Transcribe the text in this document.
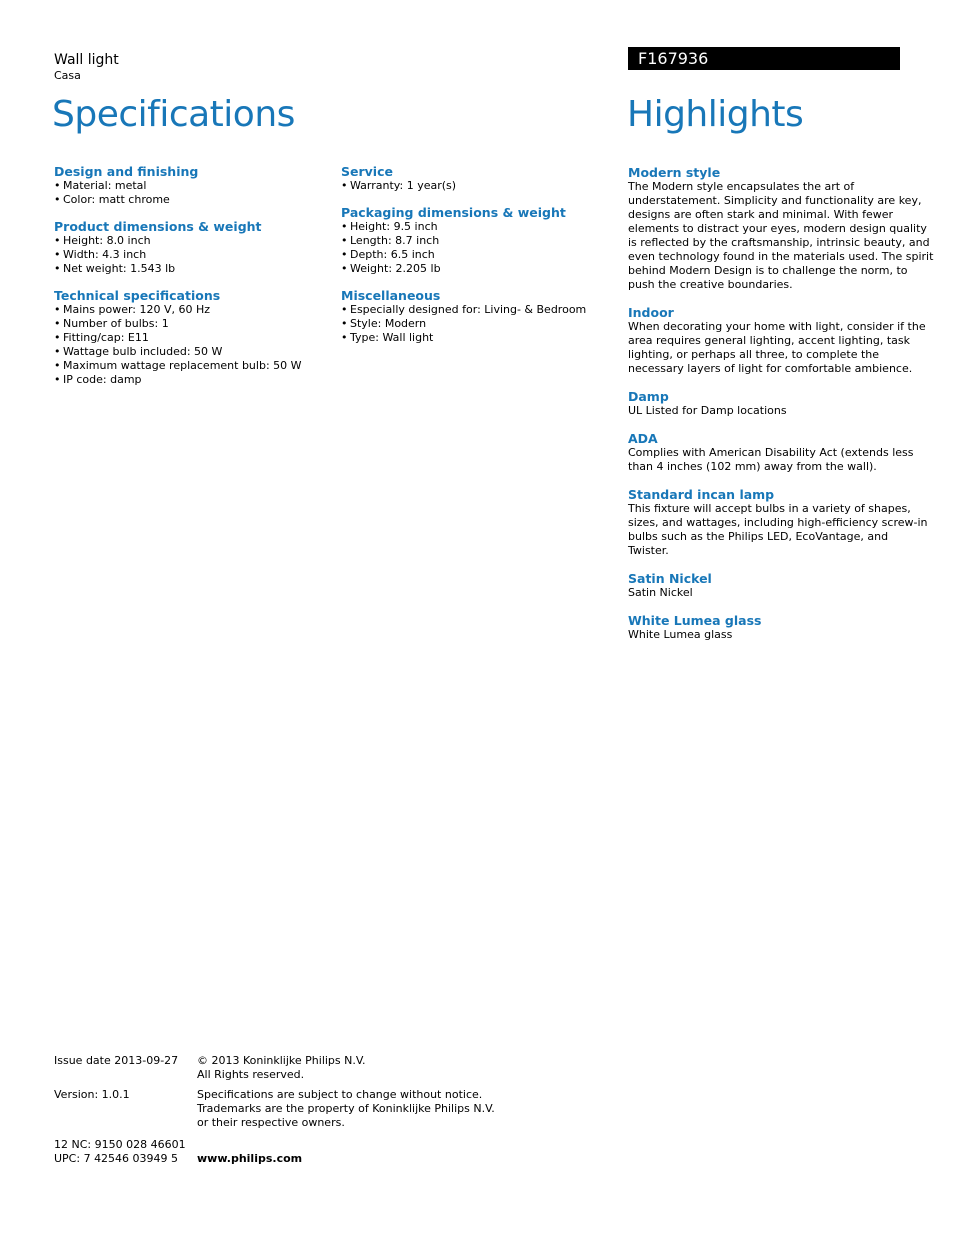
Wall light
Casa
F167936
Specifications	Highlights
Design and finishing
• Material: metal
• Color: matt chrome
Product dimensions & weight
• Height: 8.0 inch
• Width: 4.3 inch
• Net weight: 1.543 lb
Technical specifications
• Mains power: 120 V, 60 Hz
• Number of bulbs: 1
• Fitting/cap: E11
• Wattage bulb included: 50 W
• Maximum wattage replacement bulb: 50 W
• IP code: damp
Service
• Warranty: 1 year(s)
Packaging dimensions & weight
• Height: 9.5 inch
• Length: 8.7 inch
• Depth: 6.5 inch
• Weight: 2.205 lb
Miscellaneous
• Especially designed for: Living- & Bedroom
• Style: Modern
• Type: Wall light
Modern style
The Modern style encapsulates the art of
understatement. Simplicity and functionality are key,
designs are often stark and minimal. With fewer
elements to distract your eyes, modern design quality
is reflected by the craftsmanship, intrinsic beauty, and
even technology found in the materials used. The spirit
behind Modern Design is to challenge the norm, to
push the creative boundaries.
Indoor
When decorating your home with light, consider if the
area requires general lighting, accent lighting, task
lighting, or perhaps all three, to complete the
necessary layers of light for comfortable ambience.
Damp
UL Listed for Damp locations
ADA
Complies with American Disability Act (extends less
than 4 inches (102 mm) away from the wall).
Standard incan lamp
This fixture will accept bulbs in a variety of shapes,
sizes, and wattages, including high-efficiency screw-in
bulbs such as the Philips LED, EcoVantage, and
Twister.
Satin Nickel
Satin Nickel
White Lumea glass
White Lumea glass
Issue date 2013-09-27 © 2013 Koninklijke Philips N.V.
All Rights reserved.
Version: 1.0.1	Specifications are subject to change without notice.
Trademarks are the property of Koninklijke Philips N.V.
or their respective owners.
12 NC: 9150 028 46601
UPC: 7 42546 03949 5 www.philips.com
